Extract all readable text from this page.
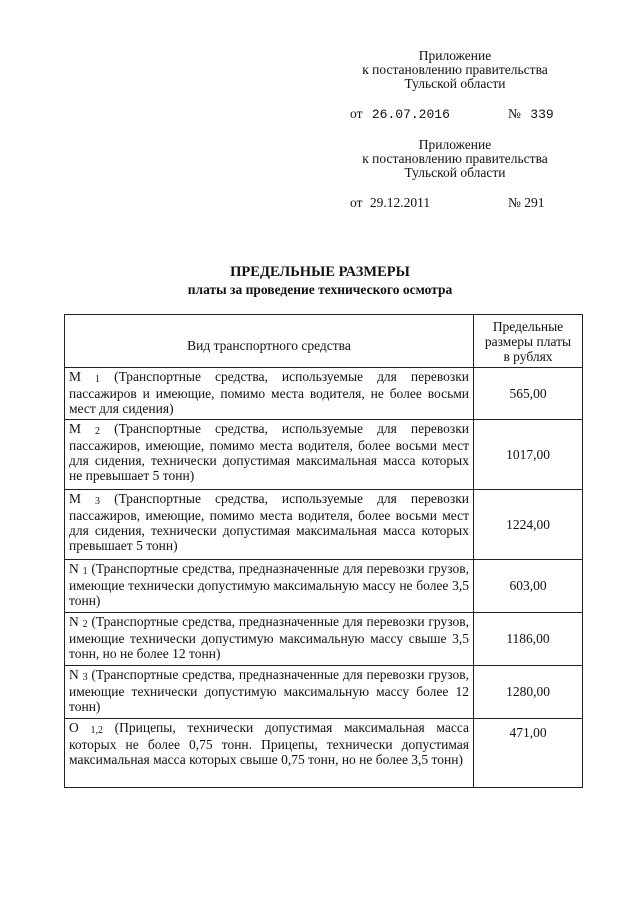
Приложение
к постановлению правительства
Тульской области
от 26.07.2016	№ 339
Приложение
к постановлению правительства
Тульской области
от 29.12.2011	№ 291
ПРЕДЕЛЬНЫЕ РАЗМЕРЫ
платы за проведение технического осмотра
Вид транспортного средства	Предельные
размеры платы
в рублях

М 1 (Транспортные средства, используемые для перевозки пассажиров и имеющие, помимо места водителя, не более восьми мест для сидения)	565,00
М 2 (Транспортные средства, используемые для перевозки пассажиров, имеющие, помимо места водителя, более восьми мест для сидения, технически допустимая максимальная масса которых не превышает 5 тонн)	1017,00
М 3 (Транспортные средства, используемые для перевозки пассажиров, имеющие, помимо места водителя, более восьми мест для сидения, технически допустимая максимальная масса которых превышает 5 тонн)	1224,00
N 1 (Транспортные средства, предназначенные для перевозки грузов, имеющие технически допустимую максимальную массу не более 3,5 тонн)	603,00
N 2 (Транспортные средства, предназначенные для перевозки грузов, имеющие технически допустимую максимальную массу свыше 3,5 тонн, но не более 12 тонн)	1186,00
N 3 (Транспортные средства, предназначенные для перевозки грузов, имеющие технически допустимую максимальную массу более 12 тонн)	1280,00
О 1,2 (Прицепы, технически допустимая максимальная масса которых не более 0,75 тонн. Прицепы, технически допустимая максимальная масса которых свыше 0,75 тонн, но не более 3,5 тонн)	471,00
